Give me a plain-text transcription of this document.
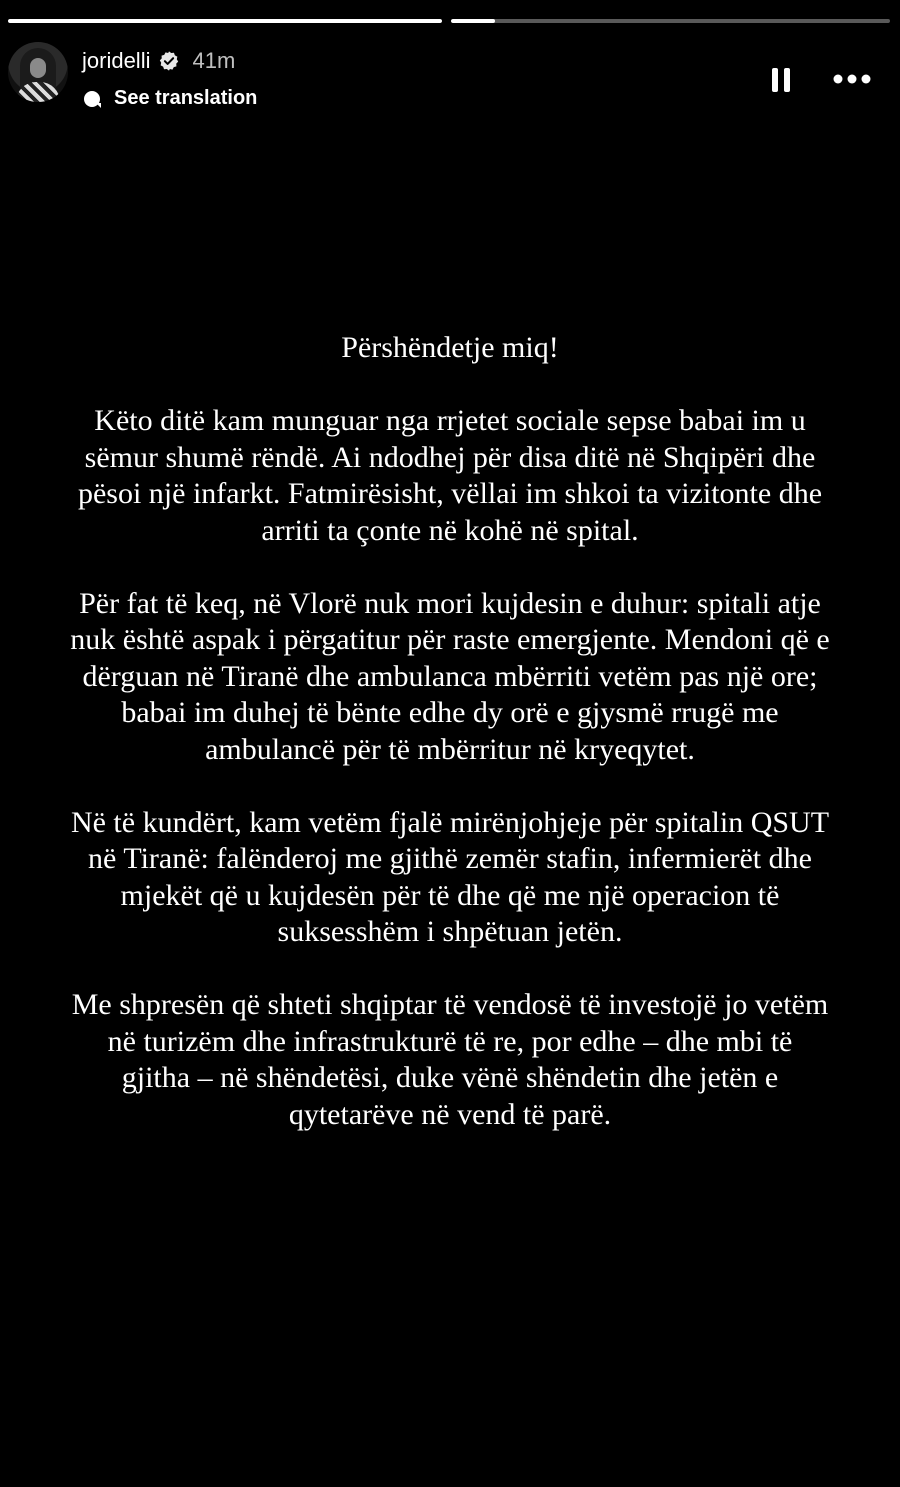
joridelli 41m
See translation

Përshëndetje miq!

Këto ditë kam munguar nga rrjetet sociale sepse babai im u sëmur shumë rëndë. Ai ndodhej për disa ditë në Shqipëri dhe pësoi një infarkt. Fatmirësisht, vëllai im shkoi ta vizitonte dhe arriti ta çonte në kohë në spital.

Për fat të keq, në Vlorë nuk mori kujdesin e duhur: spitali atje nuk është aspak i përgatitur për raste emergjente. Mendoni që e dërguan në Tiranë dhe ambulanca mbërriti vetëm pas një ore; babai im duhej të bënte edhe dy orë e gjysmë rrugë me ambulancë për të mbërritur në kryeqytet.

Në të kundërt, kam vetëm fjalë mirënjohjeje për spitalin QSUT në Tiranë: falënderoj me gjithë zemër stafin, infermierët dhe mjekët që u kujdesën për të dhe që me një operacion të suksesshëm i shpëtuan jetën.

Me shpresën që shteti shqiptar të vendosë të investojë jo vetëm në turizëm dhe infrastrukturë të re, por edhe – dhe mbi të gjitha – në shëndetësi, duke vënë shëndetin dhe jetën e qytetarëve në vend të parë.
